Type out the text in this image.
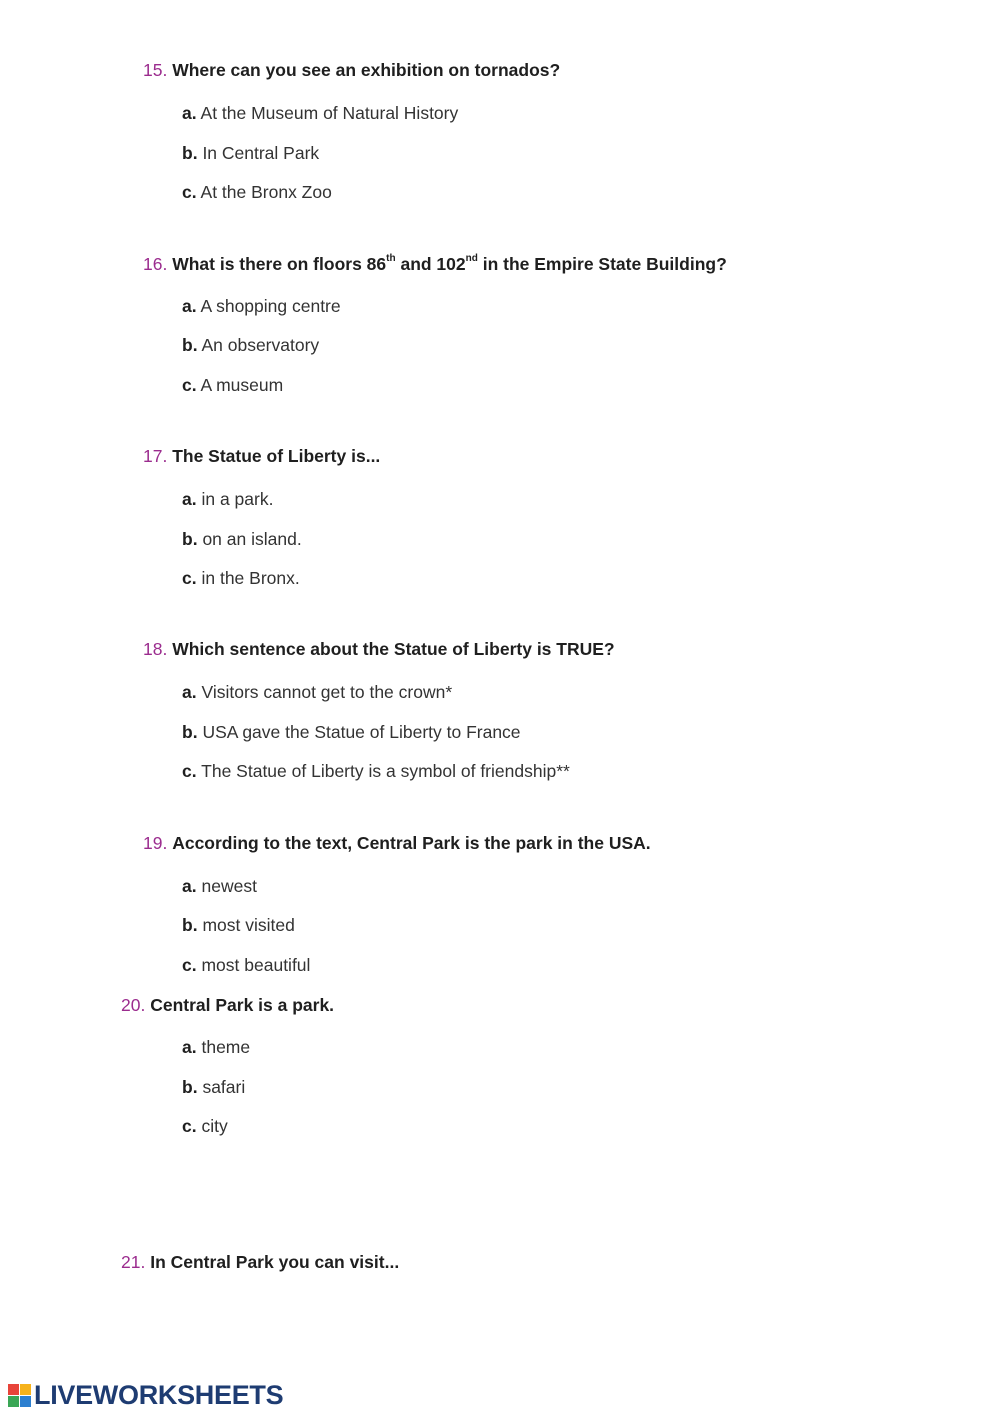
15. Where can you see an exhibition on tornados?
a. At the Museum of Natural History
b. In Central Park
c. At the Bronx Zoo
16. What is there on floors 86th and 102nd in the Empire State Building?
a. A shopping centre
b. An observatory
c. A museum
17. The Statue of Liberty is...
a. in a park.
b. on an island.
c. in the Bronx.
18. Which sentence about the Statue of Liberty is TRUE?
a. Visitors cannot get to the crown*
b. USA gave the Statue of Liberty to France
c. The Statue of Liberty is a symbol of friendship**
19. According to the text, Central Park is the park in the USA.
a. newest
b. most visited
c. most beautiful
20. Central Park is a park.
a. theme
b. safari
c. city
21. In Central Park you can visit...
LIVEWORKSHEETS
